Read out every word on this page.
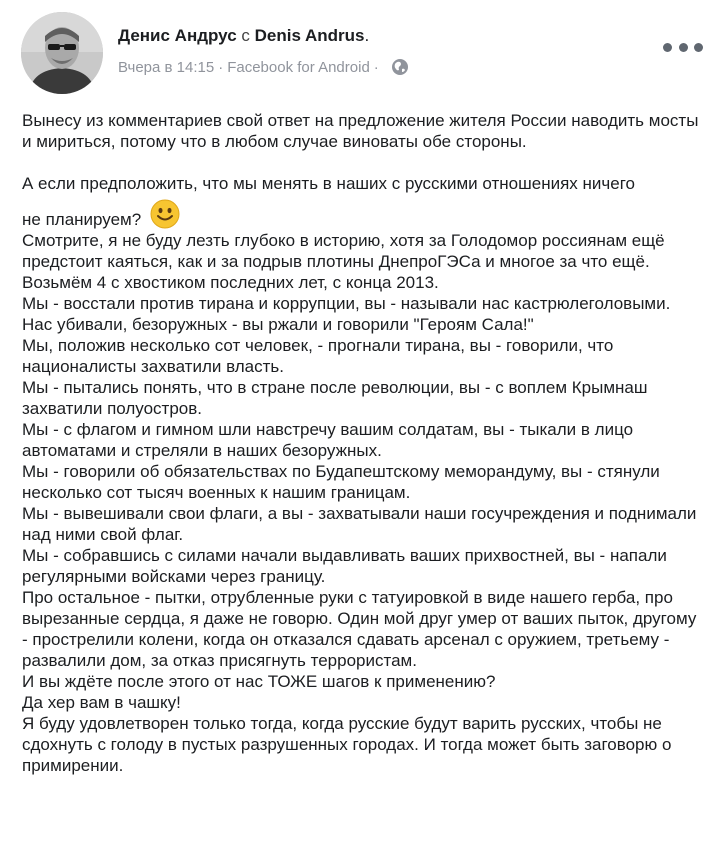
Денис Андрус с Denis Andrus.
Вчера в 14:15 · Facebook for Android ·

Вынесу из комментариев свой ответ на предложение жителя России наводить мосты и мириться, потому что в любом случае виноваты обе стороны.

А если предположить, что мы менять в наших с русскими отношениях ничего

не планируем?

Смотрите, я не буду лезть глубоко в историю, хотя за Голодомор россиянам ещё предстоит каяться, как и за подрыв плотины ДнепроГЭСа и многое за что ещё.

Возьмём 4 с хвостиком последних лет, с конца 2013.

Мы - восстали против тирана и коррупции, вы - называли нас кастрюлеголовыми.

Нас убивали, безоружных - вы ржали и говорили "Героям Сала!"

Мы, положив несколько сот человек, - прогнали тирана, вы - говорили, что националисты захватили власть.

Мы - пытались понять, что в стране после революции, вы - с воплем Крымнаш захватили полуостров.

Мы - с флагом и гимном шли навстречу вашим солдатам, вы - тыкали в лицо автоматами и стреляли в наших безоружных.

Мы - говорили об обязательствах по Будапештскому меморандуму, вы - стянули несколько сот тысяч военных к нашим границам.

Мы - вывешивали свои флаги, а вы - захватывали наши госучреждения и поднимали над ними свой флаг.

Мы - собравшись с силами начали выдавливать ваших прихвостней, вы - напали регулярными войсками через границу.

Про остальное - пытки, отрубленные руки с татуировкой в виде нашего герба, про вырезанные сердца, я даже не говорю. Один мой друг умер от ваших пыток, другому - прострелили колени, когда он отказался сдавать арсенал с оружием, третьему - развалили дом, за отказ присягнуть террористам.

И вы ждёте после этого от нас ТОЖЕ шагов к применению?

Да хер вам в чашку!

Я буду удовлетворен только тогда, когда русские будут варить русских, чтобы не сдохнуть с голоду в пустых разрушенных городах. И тогда может быть заговорю о примирении.
